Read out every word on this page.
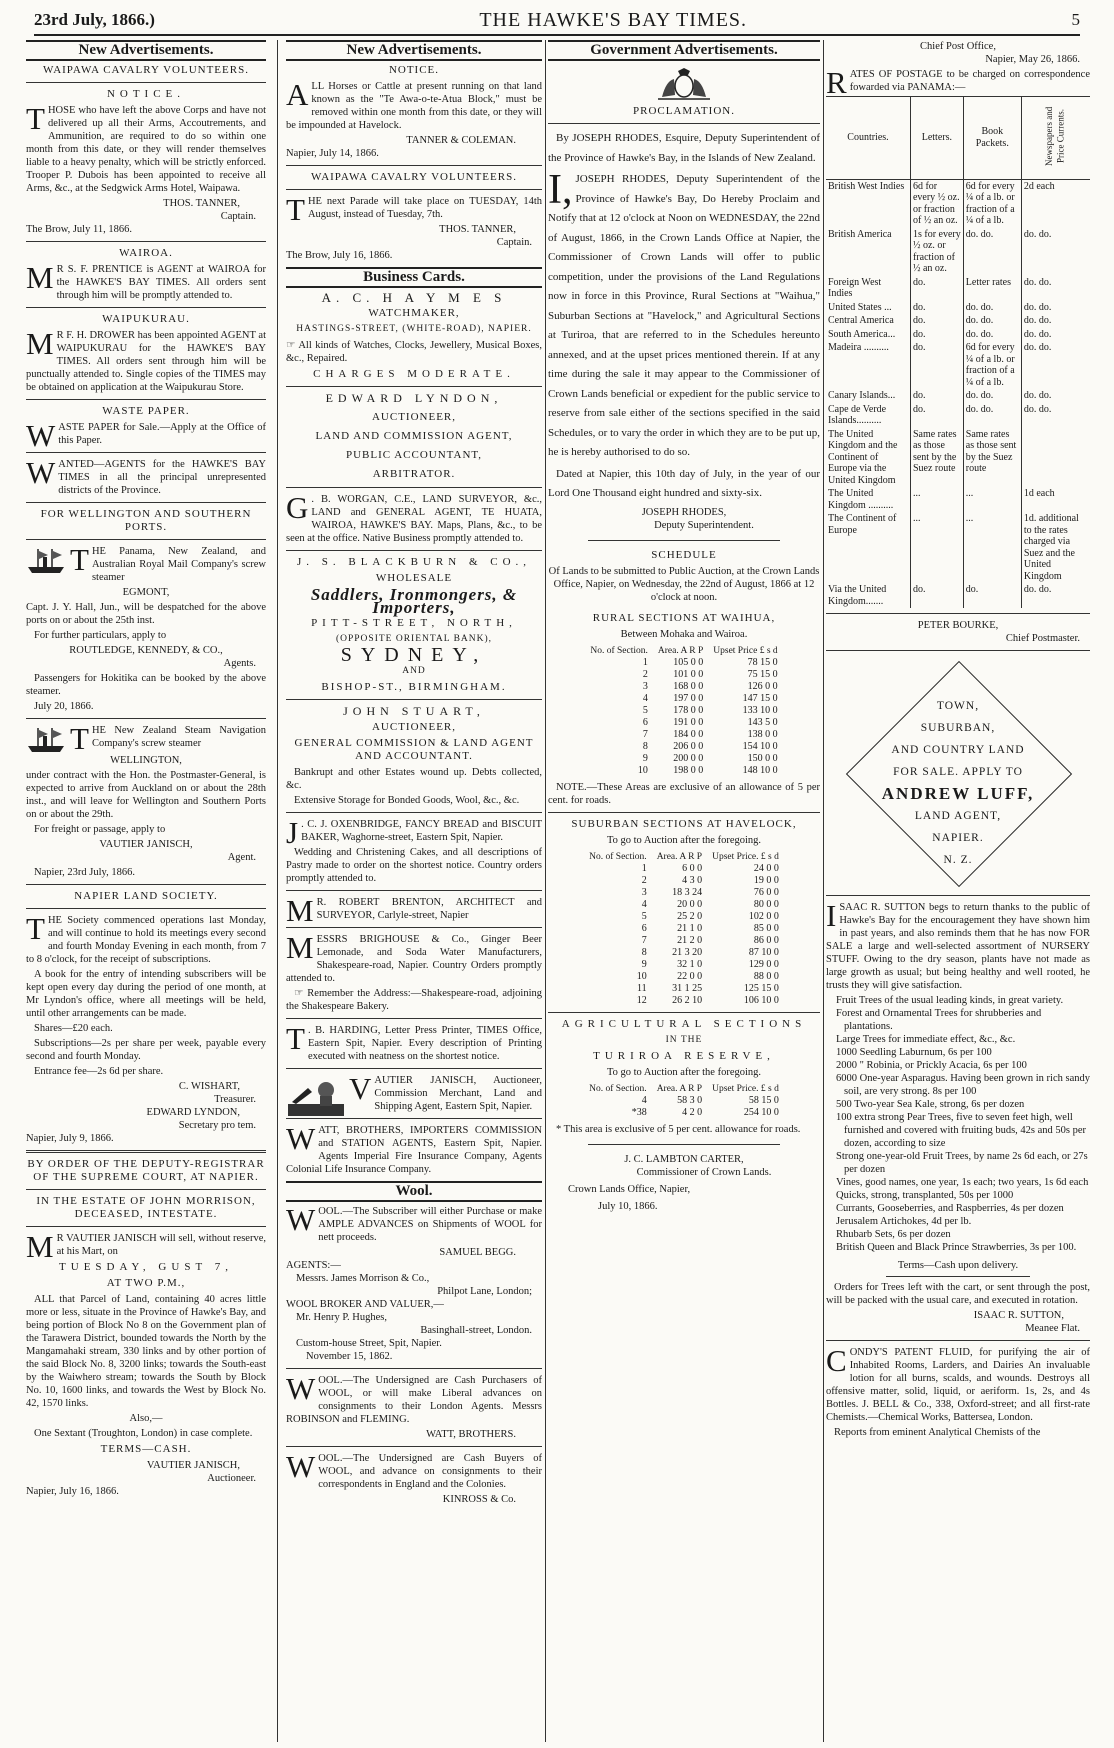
23rd July, 1866.)	THE HAWKE'S BAY TIMES.	5
New Advertisements.
WAIPAWA CAVALRY VOLUNTEERS.
NOTICE.

THOSE who have left the above Corps and have not delivered up all their Arms, Accoutrements, and Ammunition, are required to do so within one month from this date, or they will render themselves liable to a heavy penalty, which will be strictly enforced. Trooper P. Dubois has been appointed to receive all Arms, &c., at the Sedgwick Arms Hotel, Waipawa.

THOS. TANNER,
Captain.
The Brow, July 11, 1866.
WAIROA.

M R S. F. PRENTICE is AGENT at WAIROA for the HAWKE'S BAY TIMES. All orders sent through him will be promptly attended to.

WAIPUKURAU.

M R F. H. DROWER has been appointed AGENT at WAIPUKURAU for the HAWKE'S BAY TIMES. All orders sent through him will be punctually attended to. Single copies of the TIMES may be obtained on application at the Waipukurau Store.

WASTE PAPER.

WASTE PAPER for Sale.—Apply at the Office of this Paper.

WANTED—AGENTS for the HAWKE'S BAY TIMES in all the principal unrepresented districts of the Province.

FOR WELLINGTON AND SOUTHERN PORTS.

THE Panama, New Zealand, and Australian Royal Mail Company's screw steamer

EGMONT,

Capt. J. Y. Hall, Jun., will be despatched for the above ports on or about the 25th inst.

For further particulars, apply to

ROUTLEDGE, KENNEDY, & CO.,
Agents.

Passengers for Hokitika can be booked by the above steamer.

July 20, 1866.

THE New Zealand Steam Navigation Company's screw steamer

WELLINGTON,

under contract with the Hon. the Postmaster-General, is expected to arrive from Auckland on or about the 28th inst., and will leave for Wellington and Southern Ports on or about the 29th.

For freight or passage, apply to

VAUTIER JANISCH,
Agent.

Napier, 23rd July, 1866.

NAPIER LAND SOCIETY.

THE Society commenced operations last Monday, and will continue to hold its meetings every second and fourth Monday Evening in each month, from 7 to 8 o'clock, for the receipt of subscriptions.

A book for the entry of intending subscribers will be kept open every day during the period of one month, at Mr Lyndon's office, where all meetings will be held, until other arrangements can be made.

Shares—£20 each.

Subscriptions—2s per share per week, payable every second and fourth Monday.

Entrance fee—2s 6d per share.

C. WISHART,
Treasurer.
EDWARD LYNDON,
Secretary pro tem.
Napier, July 9, 1866.
BY ORDER OF THE DEPUTY-REGISTRAR OF THE SUPREME COURT, AT NAPIER.
IN THE ESTATE OF JOHN MORRISON, DECEASED, INTESTATE.

M R VAUTIER JANISCH will sell, without reserve, at his Mart, on

TUESDAY, GUST 7,
AT TWO P.M.,

ALL that Parcel of Land, containing 40 acres little more or less, situate in the Province of Hawke's Bay, and being portion of Block No 8 on the Government plan of the Tarawera District, bounded towards the North by the Mangamahaki stream, 330 links and by other portion of the said Block No. 8, 3200 links; towards the South-east by the Waiwhero stream; towards the South by Block No. 10, 1600 links, and towards the West by Block No. 42, 1570 links.

Also,—

One Sextant (Troughton, London) in case complete.

TERMS—CASH.
VAUTIER JANISCH,
Auctioneer.
Napier, July 16, 1866.
New Advertisements.
NOTICE.

ALL Horses or Cattle at present running on that land known as the "Te Awa-o-te-Atua Block," must be removed within one month from this date, or they will be impounded at Havelock.

TANNER & COLEMAN.
Napier, July 14, 1866.
WAIPAWA CAVALRY VOLUNTEERS.

THE next Parade will take place on TUESDAY, 14th August, instead of Tuesday, 7th.

THOS. TANNER,
Captain.
The Brow, July 16, 1866.
Business Cards.
A. C. H A Y M E S
WATCHMAKER,
HASTINGS-STREET, (WHITE-ROAD), NAPIER.

☞ All kinds of Watches, Clocks, Jewellery, Musical Boxes, &c., Repaired.

CHARGES MODERATE.
EDWARD LYNDON,
AUCTIONEER,
LAND AND COMMISSION AGENT,
PUBLIC ACCOUNTANT,
ARBITRATOR.

G . B. WORGAN, C.E., LAND SURVEYOR, &c., LAND and GENERAL AGENT, TE HUATA, WAIROA, HAWKE'S BAY. Maps, Plans, &c., to be seen at the office. Native Business promptly attended to.

J. S. BLACKBURN & CO.,
WHOLESALE
Saddlers, Ironmongers, & Importers,
PITT-STREET, NORTH,
(OPPOSITE ORIENTAL BANK),
SYDNEY,
AND
BISHOP-ST., BIRMINGHAM.
JOHN STUART,
AUCTIONEER,
GENERAL COMMISSION & LAND AGENT AND ACCOUNTANT.

Bankrupt and other Estates wound up. Debts collected, &c.

Extensive Storage for Bonded Goods, Wool, &c., &c.

J . C. J. OXENBRIDGE, FANCY BREAD and BISCUIT BAKER, Waghorne-street, Eastern Spit, Napier.

Wedding and Christening Cakes, and all descriptions of Pastry made to order on the shortest notice. Country orders promptly attended to.

M R. ROBERT BRENTON, ARCHITECT and SURVEYOR, Carlyle-street, Napier

MESSRS BRIGHOUSE & Co., Ginger Beer Lemonade, and Soda Water Manufacturers, Shakespeare-road, Napier. Country Orders promptly attended to.

☞ Remember the Address:—Shakespeare-road, adjoining the Shakespeare Bakery.

T . B. HARDING, Letter Press Printer, TIMES Office, Eastern Spit, Napier. Every description of Printing executed with neatness on the shortest notice.

VAUTIER JANISCH, Auctioneer, Commission Merchant, Land and Shipping Agent, Eastern Spit, Napier.

WATT, BROTHERS, IMPORTERS COMMISSION and STATION AGENTS, Eastern Spit, Napier. Agents Imperial Fire Insurance Company, Agents Colonial Life Insurance Company.

Wool.

WOOL.—The Subscriber will either Purchase or make AMPLE ADVANCES on Shipments of WOOL for nett proceeds.

SAMUEL BEGG.
AGENTS:—
Messrs. James Morrison & Co.,
Philpot Lane, London;
WOOL BROKER AND VALUER,—
Mr. Henry P. Hughes,
Basinghall-street, London.
Custom-house Street, Spit, Napier.
November 15, 1862.

WOOL.—The Undersigned are Cash Purchasers of WOOL, or will make Liberal advances on consignments to their London Agents. Messrs ROBINSON and FLEMING.

WATT, BROTHERS.

WOOL.—The Undersigned are Cash Buyers of WOOL, and advance on consignments to their correspondents in England and the Colonies.

KINROSS & Co.
Government Advertisements.
PROCLAMATION.

By JOSEPH RHODES, Esquire, Deputy Superintendent of the Province of Hawke's Bay, in the Islands of New Zealand.

I, JOSEPH RHODES, Deputy Superintendent of the Province of Hawke's Bay, Do Hereby Proclaim and Notify that at 12 o'clock at Noon on WEDNESDAY, the 22nd of August, 1866, in the Crown Lands Office at Napier, the Commissioner of Crown Lands will offer to public competition, under the provisions of the Land Regulations now in force in this Province, Rural Sections at "Waihua," Suburban Sections at "Havelock," and Agricultural Sections at Turiroa, that are referred to in the Schedules hereunto annexed, and at the upset prices mentioned therein. If at any time during the sale it may appear to the Commissioner of Crown Lands beneficial or expedient for the public service to reserve from sale either of the sections specified in the said Schedules, or to vary the order in which they are to be put up, he is hereby authorised to do so.

Dated at Napier, this 10th day of July, in the year of our Lord One Thousand eight hundred and sixty-six.

JOSEPH RHODES,
Deputy Superintendent.
SCHEDULE

Of Lands to be submitted to Public Auction, at the Crown Lands Office, Napier, on Wednesday, the 22nd of August, 1866 at 12 o'clock at noon.

RURAL SECTIONS AT WAIHUA,
Between Mohaka and Wairoa.
No. of Section.	Area. A R P	Upset Price £ s d
1	105 0 0	78 15 0
2	101 0 0	75 15 0
3	168 0 0	126 0 0
4	197 0 0	147 15 0
5	178 0 0	133 10 0
6	191 0 0	143 5 0
7	184 0 0	138 0 0
8	206 0 0	154 10 0
9	200 0 0	150 0 0
10	198 0 0	148 10 0

NOTE.—These Areas are exclusive of an allowance of 5 per cent. for roads.

SUBURBAN SECTIONS AT HAVELOCK,
To go to Auction after the foregoing.
No. of Section.	Area. A R P	Upset Price. £ s d
1	6 0 0	24 0 0
2	4 3 0	19 0 0
3	18 3 24	76 0 0
4	20 0 0	80 0 0
5	25 2 0	102 0 0
6	21 1 0	85 0 0
7	21 2 0	86 0 0
8	21 3 20	87 10 0
9	32 1 0	129 0 0
10	22 0 0	88 0 0
11	31 1 25	125 15 0
12	26 2 10	106 10 0
AGRICULTURAL SECTIONS
IN THE
TURIROA RESERVE,
To go to Auction after the foregoing.
No. of Section.	Area. A R P	Upset Price. £ s d
4	58 3 0	58 15 0
*38	4 2 0	254 10 0

* This area is exclusive of 5 per cent. allowance for roads.

J. C. LAMBTON CARTER,
Commissioner of Crown Lands.
Crown Lands Office, Napier,
July 10, 1866.
Chief Post Office,
Napier, May 26, 1866.

RATES OF POSTAGE to be charged on correspondence fowarded via PANAMA:—

Countries.	Letters.	Book Packets.	Newspapers and Price Currents.
British West Indies	6d for every ½ oz. or fraction of ½ an oz.	6d for every ¼ of a lb. or fraction of a ¼ of a lb.	2d each
British America	1s for every ½ oz. or fraction of ½ an oz.	do. do.	do. do.
Foreign West Indies	do.	Letter rates	do. do.
United States ...	do.	do. do.	do. do.
Central America	do.	do. do.	do. do.
South America...	do.	do. do.	do. do.
Madeira ..........	do.	6d for every ¼ of a lb. or fraction of a ¼ of a lb.	do. do.
Canary Islands...	do.	do. do.	do. do.
Cape de Verde Islands..........	do.	do. do.	do. do.
The United Kingdom and the Continent of Europe via the United Kingdom	Same rates as those sent by the Suez route	Same rates as those sent by the Suez route	
The United Kingdom ..........	...	...	1d each
The Continent of Europe	...	...	1d. additional to the rates charged via Suez and the United Kingdom
Via the United Kingdom.......	do.	do.	do. do.
PETER BOURKE,
Chief Postmaster.
TOWN,
SUBURBAN,
AND COUNTRY LAND
FOR SALE. APPLY TO
ANDREW LUFF,
LAND AGENT,
NAPIER.
N. Z.

ISAAC R. SUTTON begs to return thanks to the public of Hawke's Bay for the encouragement they have shown him in past years, and also reminds them that he has now FOR SALE a large and well-selected assortment of NURSERY STUFF. Owing to the dry season, plants have not made as large growth as usual; but being healthy and well rooted, he trusts they will give satisfaction.

Fruit Trees of the usual leading kinds, in great variety.
Forest and Ornamental Trees for shrubberies and plantations.
Large Trees for immediate effect, &c., &c.
1000 Seedling Laburnum, 6s per 100
2000 " Robinia, or Prickly Acacia, 6s per 100
6000 One-year Asparagus. Having been grown in rich sandy soil, are very strong. 8s per 100
500 Two-year Sea Kale, strong, 6s per dozen
100 extra strong Pear Trees, five to seven feet high, well furnished and covered with fruiting buds, 42s and 50s per dozen, according to size
Strong one-year-old Fruit Trees, by name 2s 6d each, or 27s per dozen
Vines, good names, one year, 1s each; two years, 1s 6d each
Quicks, strong, transplanted, 50s per 1000
Currants, Gooseberries, and Raspberries, 4s per dozen
Jerusalem Artichokes, 4d per lb.
Rhubarb Sets, 6s per dozen
British Queen and Black Prince Strawberries, 3s per 100.
Terms—Cash upon delivery.

Orders for Trees left with the cart, or sent through the post, will be packed with the usual care, and executed in rotation.

ISAAC R. SUTTON,
Meanee Flat.

CONDY'S PATENT FLUID, for purifying the air of Inhabited Rooms, Larders, and Dairies An invaluable lotion for all burns, scalds, and wounds. Destroys all offensive matter, solid, liquid, or aeriform. 1s, 2s, and 4s Bottles. J. BELL & Co., 338, Oxford-street; and all first-rate Chemists.—Chemical Works, Battersea, London.

Reports from eminent Analytical Chemists of the
